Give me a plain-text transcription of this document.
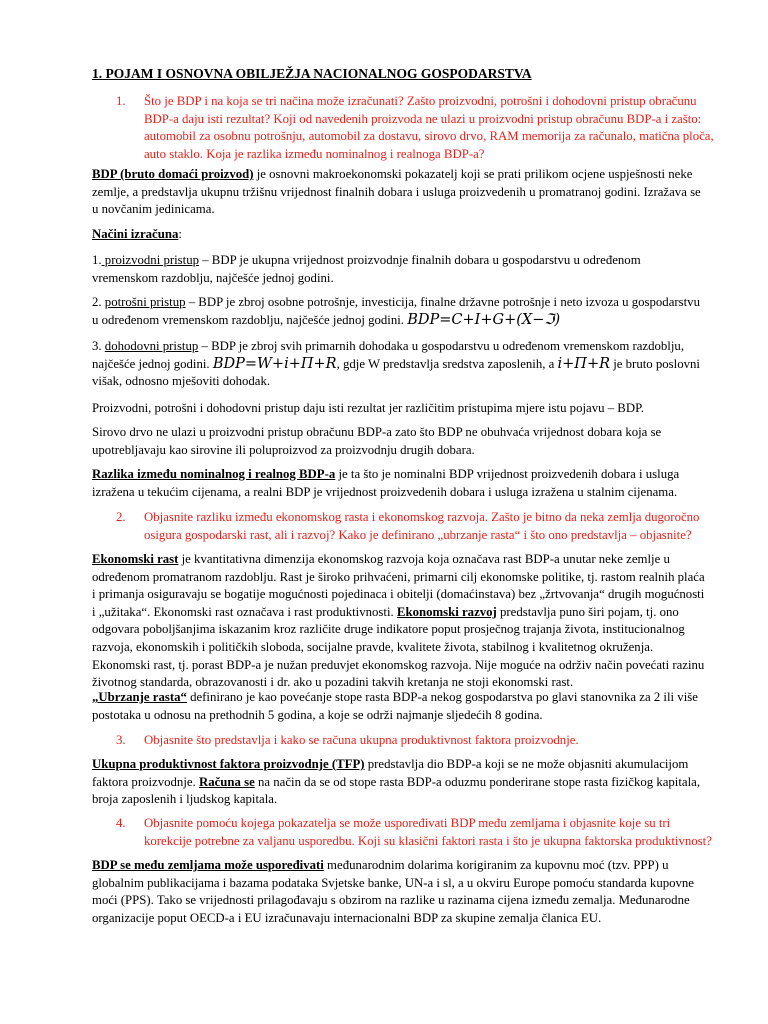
1. POJAM I OSNOVNA OBILJEŽJA NACIONALNOG GOSPODARSTVA
1. Što je BDP i na koja se tri načina može izračunati? Zašto proizvodni, potrošni i dohodovni pristup obračunu
BDP-a daju isti rezultat? Koji od navedenih proizvoda ne ulazi u proizvodni pristup obračunu BDP-a i zašto:
automobil za osobnu potrošnju, automobil za dostavu, sirovo drvo, RAM memorija za računalo, matična ploča,
auto staklo. Koja je razlika između nominalnog i realnoga BDP-a?

BDP (bruto domaći proizvod) je osnovni makroekonomski pokazatelj koji se prati prilikom ocjene uspješnosti neke
zemlje, a predstavlja ukupnu tržišnu vrijednost finalnih dobara i usluga proizvedenih u promatranoj godini. Izražava se
u novčanim jedinicama.

Načini izračuna:

1. proizvodni pristup – BDP je ukupna vrijednost proizvodnje finalnih dobara u gospodarstvu u određenom
vremenskom razdoblju, najčešće jednoj godini.

2. potrošni pristup – BDP je zbroj osobne potrošnje, investicija, finalne državne potrošnje i neto izvoza u gospodarstvu
u određenom vremenskom razdoblju, najčešće jednoj godini. BDP=C+I+G+(X−ℑ)

3. dohodovni pristup – BDP je zbroj svih primarnih dohodaka u gospodarstvu u određenom vremenskom razdoblju,
najčešće jednoj godini. BDP=W+i+Π+R, gdje W predstavlja sredstva zaposlenih, a i+Π+R je bruto poslovni
višak, odnosno mješoviti dohodak.

Proizvodni, potrošni i dohodovni pristup daju isti rezultat jer različitim pristupima mjere istu pojavu – BDP.

Sirovo drvo ne ulazi u proizvodni pristup obračunu BDP-a zato što BDP ne obuhvaća vrijednost dobara koja se
upotrebljavaju kao sirovine ili poluproizvod za proizvodnju drugih dobara.

Razlika između nominalnog i realnog BDP-a je ta što je nominalni BDP vrijednost proizvedenih dobara i usluga
izražena u tekućim cijenama, a realni BDP je vrijednost proizvedenih dobara i usluga izražena u stalnim cijenama.

2. Objasnite razliku između ekonomskog rasta i ekonomskog razvoja. Zašto je bitno da neka zemlja dugoročno
osigura gospodarski rast, ali i razvoj? Kako je definirano „ubrzanje rasta“ i što ono predstavlja – objasnite?

Ekonomski rast je kvantitativna dimenzija ekonomskog razvoja koja označava rast BDP-a unutar neke zemlje u
određenom promatranom razdoblju. Rast je široko prihvaćeni, primarni cilj ekonomske politike, tj. rastom realnih plaća
i primanja osiguravaju se bogatije mogućnosti pojedinaca i obitelji (domaćinstava) bez „žrtvovanja“ drugih mogućnosti
i „užitaka“. Ekonomski rast označava i rast produktivnosti. Ekonomski razvoj predstavlja puno širi pojam, tj. ono
odgovara poboljšanjima iskazanim kroz različite druge indikatore poput prosječnog trajanja života, institucionalnog
razvoja, ekonomskih i političkih sloboda, socijalne pravde, kvalitete života, stabilnog i kvalitetnog okruženja.
Ekonomski rast, tj. porast BDP-a je nužan preduvjet ekonomskog razvoja. Nije moguće na održiv način povećati razinu
životnog standarda, obrazovanosti i dr. ako u pozadini takvih kretanja ne stoji ekonomski rast.

„Ubrzanje rasta“ definirano je kao povećanje stope rasta BDP-a nekog gospodarstva po glavi stanovnika za 2 ili više
postotaka u odnosu na prethodnih 5 godina, a koje se održi najmanje sljedećih 8 godina.

3. Objasnite što predstavlja i kako se računa ukupna produktivnost faktora proizvodnje.

Ukupna produktivnost faktora proizvodnje (TFP) predstavlja dio BDP-a koji se ne može objasniti akumulacijom
faktora proizvodnje. Računa se na način da se od stope rasta BDP-a oduzmu ponderirane stope rasta fizičkog kapitala,
broja zaposlenih i ljudskog kapitala.

4. Objasnite pomoću kojega pokazatelja se može uspoređivati BDP među zemljama i objasnite koje su tri
korekcije potrebne za valjanu usporedbu. Koji su klasični faktori rasta i što je ukupna faktorska produktivnost?

BDP se među zemljama može uspoređivati međunarodnim dolarima korigiranim za kupovnu moć (tzv. PPP) u
globalnim publikacijama i bazama podataka Svjetske banke, UN-a i sl, a u okviru Europe pomoću standarda kupovne
moći (PPS). Tako se vrijednosti prilagođavaju s obzirom na razlike u razinama cijena između zemalja. Međunarodne
organizacije poput OECD-a i EU izračunavaju internacionalni BDP za skupine zemalja članica EU.
